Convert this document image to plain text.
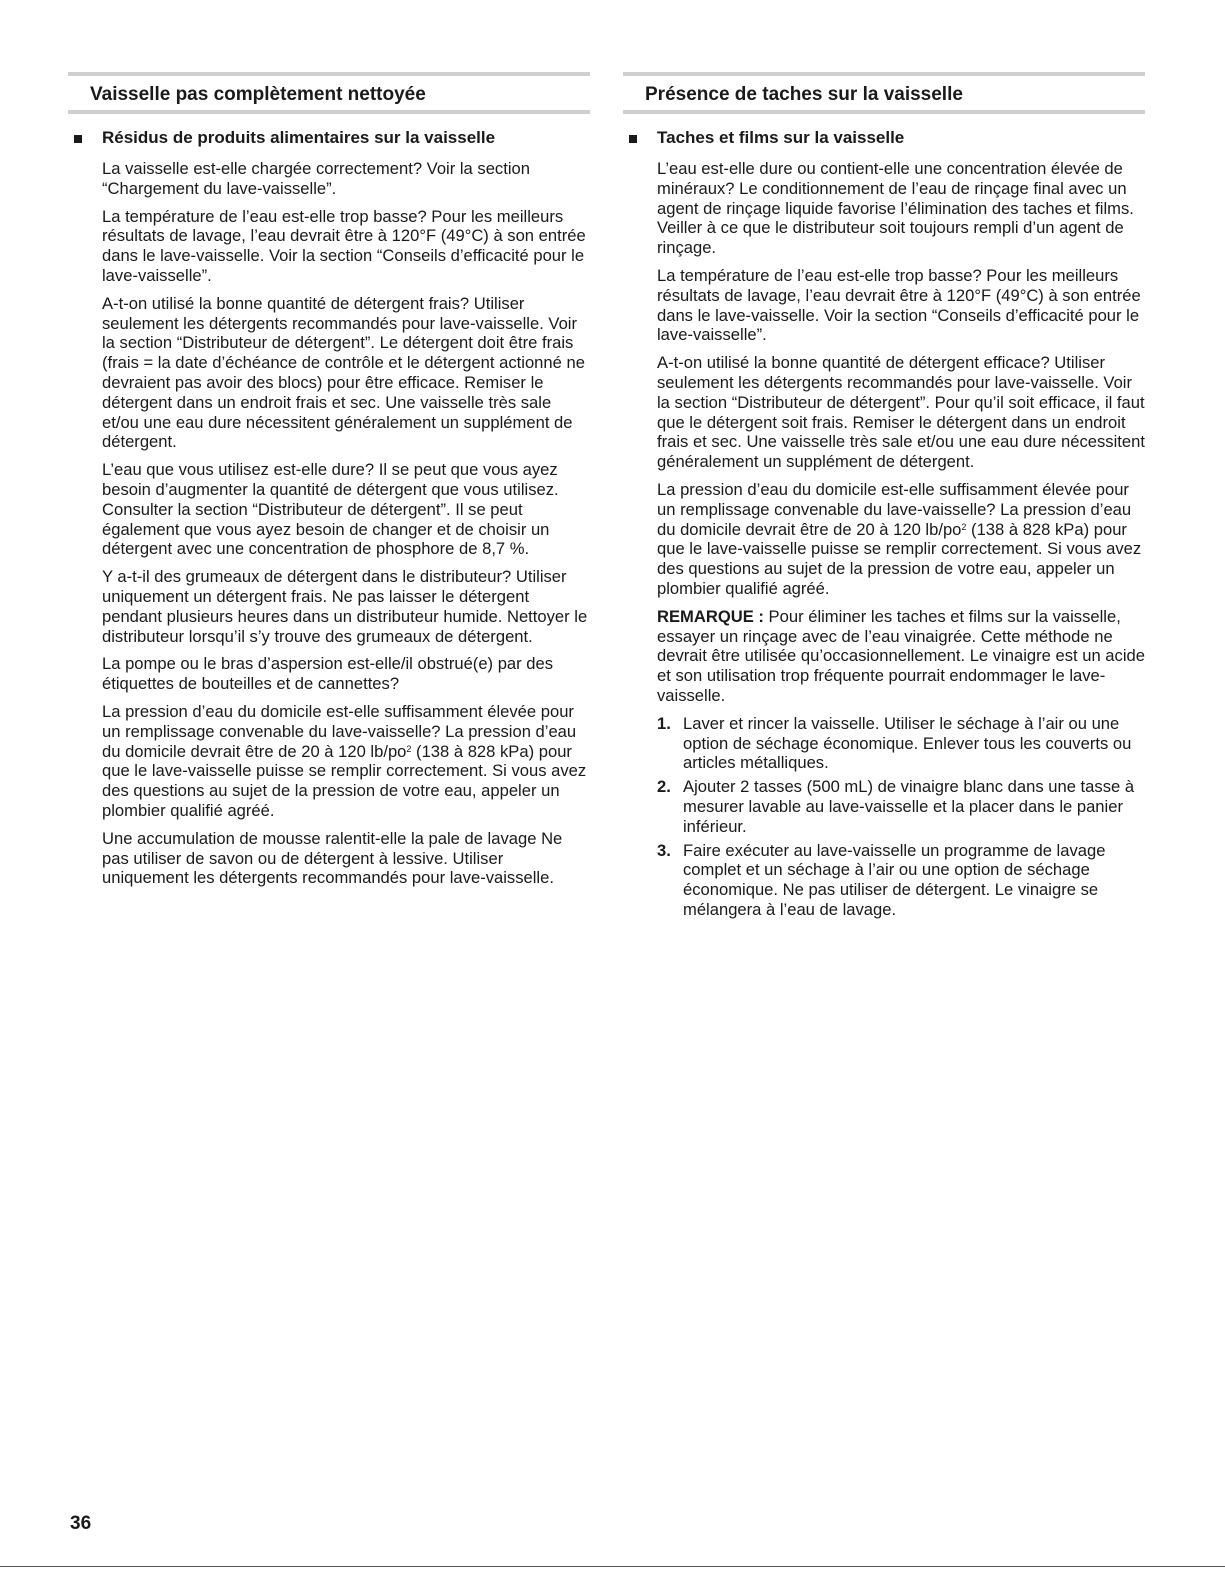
Vaisselle pas complètement nettoyée
Résidus de produits alimentaires sur la vaisselle

La vaisselle est-elle chargée correctement? Voir la section “Chargement du lave-vaisselle”.

La température de l’eau est-elle trop basse? Pour les meilleurs résultats de lavage, l’eau devrait être à 120°F (49°C) à son entrée dans le lave-vaisselle. Voir la section “Conseils d’efficacité pour le lave-vaisselle”.

A-t-on utilisé la bonne quantité de détergent frais? Utiliser seulement les détergents recommandés pour lave-vaisselle. Voir la section “Distributeur de détergent”. Le détergent doit être frais (frais = la date d’échéance de contrôle et le détergent actionné ne devraient pas avoir des blocs) pour être efficace. Remiser le détergent dans un endroit frais et sec. Une vaisselle très sale et/ou une eau dure nécessitent généralement un supplément de détergent.

L’eau que vous utilisez est-elle dure? Il se peut que vous ayez besoin d’augmenter la quantité de détergent que vous utilisez. Consulter la section “Distributeur de détergent”. Il se peut également que vous ayez besoin de changer et de choisir un détergent avec une concentration de phosphore de 8,7 %.

Y a-t-il des grumeaux de détergent dans le distributeur? Utiliser uniquement un détergent frais. Ne pas laisser le détergent pendant plusieurs heures dans un distributeur humide. Nettoyer le distributeur lorsqu’il s’y trouve des grumeaux de détergent.

La pompe ou le bras d’aspersion est-elle/il obstrué(e) par des étiquettes de bouteilles et de cannettes?

La pression d’eau du domicile est-elle suffisamment élevée pour un remplissage convenable du lave-vaisselle? La pression d’eau du domicile devrait être de 20 à 120 $lb/po^2$ (138 à 828 kPa) pour que le lave-vaisselle puisse se remplir correctement. Si vous avez des questions au sujet de la pression de votre eau, appeler un plombier qualifié agréé.

Une accumulation de mousse ralentit-elle la pale de lavage Ne pas utiliser de savon ou de détergent à lessive. Utiliser uniquement les détergents recommandés pour lave-vaisselle.

Présence de taches sur la vaisselle
Taches et films sur la vaisselle

L’eau est-elle dure ou contient-elle une concentration élevée de minéraux? Le conditionnement de l’eau de rinçage final avec un agent de rinçage liquide favorise l’élimination des taches et films. Veiller à ce que le distributeur soit toujours rempli d’un agent de rinçage.

La température de l’eau est-elle trop basse? Pour les meilleurs résultats de lavage, l’eau devrait être à 120°F (49°C) à son entrée dans le lave-vaisselle. Voir la section “Conseils d’efficacité pour le lave-vaisselle”.

A-t-on utilisé la bonne quantité de détergent efficace? Utiliser seulement les détergents recommandés pour lave-vaisselle. Voir la section “Distributeur de détergent”. Pour qu’il soit efficace, il faut que le détergent soit frais. Remiser le détergent dans un endroit frais et sec. Une vaisselle très sale et/ou une eau dure nécessitent généralement un supplément de détergent.

La pression d’eau du domicile est-elle suffisamment élevée pour un remplissage convenable du lave-vaisselle? La pression d’eau du domicile devrait être de 20 à 120 $lb/po^2$ (138 à 828 kPa) pour que le lave-vaisselle puisse se remplir correctement. Si vous avez des questions au sujet de la pression de votre eau, appeler un plombier qualifié agréé.

REMARQUE : Pour éliminer les taches et films sur la vaisselle, essayer un rinçage avec de l’eau vinaigrée. Cette méthode ne devrait être utilisée qu’occasionnellement. Le vinaigre est un acide et son utilisation trop fréquente pourrait endommager le lave-vaisselle.

1. Laver et rincer la vaisselle. Utiliser le séchage à l’air ou une option de séchage économique. Enlever tous les couverts ou articles métalliques.
2. Ajouter 2 tasses (500 mL) de vinaigre blanc dans une tasse à mesurer lavable au lave-vaisselle et la placer dans le panier inférieur.
3. Faire exécuter au lave-vaisselle un programme de lavage complet et un séchage à l’air ou une option de séchage économique. Ne pas utiliser de détergent. Le vinaigre se mélangera à l’eau de lavage.
36
